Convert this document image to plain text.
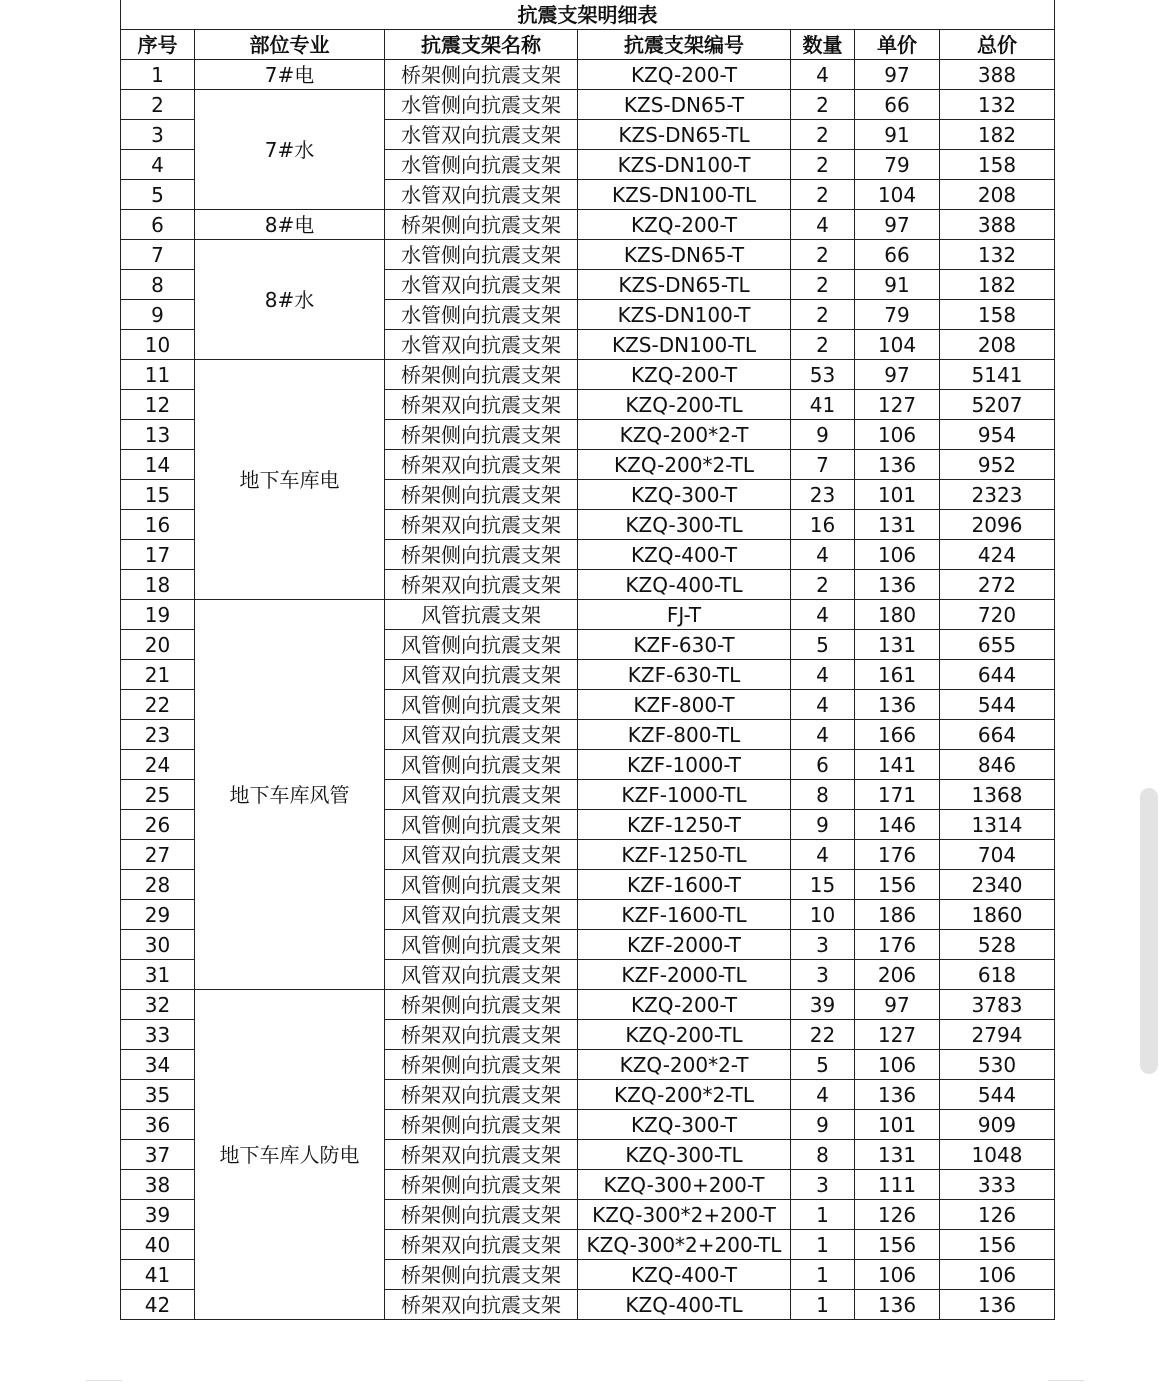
抗震支架明细表						
序号	部位专业	抗震支架名称	抗震支架编号	数量	单价	总价
1	7#电	桥架侧向抗震支架	KZQ-200-T	4	97	388
2	7#水	水管侧向抗震支架	KZS-DN65-T	2	66	132
3		水管双向抗震支架	KZS-DN65-TL	2	91	182
4		水管侧向抗震支架	KZS-DN100-T	2	79	158
5		水管双向抗震支架	KZS-DN100-TL	2	104	208
6	8#电	桥架侧向抗震支架	KZQ-200-T	4	97	388
7	8#水	水管侧向抗震支架	KZS-DN65-T	2	66	132
8		水管双向抗震支架	KZS-DN65-TL	2	91	182
9		水管侧向抗震支架	KZS-DN100-T	2	79	158
10		水管双向抗震支架	KZS-DN100-TL	2	104	208
11	地下车库电	桥架侧向抗震支架	KZQ-200-T	53	97	5141
12		桥架双向抗震支架	KZQ-200-TL	41	127	5207
13		桥架侧向抗震支架	KZQ-200*2-T	9	106	954
14		桥架双向抗震支架	KZQ-200*2-TL	7	136	952
15		桥架侧向抗震支架	KZQ-300-T	23	101	2323
16		桥架双向抗震支架	KZQ-300-TL	16	131	2096
17		桥架侧向抗震支架	KZQ-400-T	4	106	424
18		桥架双向抗震支架	KZQ-400-TL	2	136	272
19	地下车库风管	风管抗震支架	FJ-T	4	180	720
20		风管侧向抗震支架	KZF-630-T	5	131	655
21		风管双向抗震支架	KZF-630-TL	4	161	644
22		风管侧向抗震支架	KZF-800-T	4	136	544
23		风管双向抗震支架	KZF-800-TL	4	166	664
24		风管侧向抗震支架	KZF-1000-T	6	141	846
25		风管双向抗震支架	KZF-1000-TL	8	171	1368
26		风管侧向抗震支架	KZF-1250-T	9	146	1314
27		风管双向抗震支架	KZF-1250-TL	4	176	704
28		风管侧向抗震支架	KZF-1600-T	15	156	2340
29		风管双向抗震支架	KZF-1600-TL	10	186	1860
30		风管侧向抗震支架	KZF-2000-T	3	176	528
31		风管双向抗震支架	KZF-2000-TL	3	206	618
32	地下车库人防电	桥架侧向抗震支架	KZQ-200-T	39	97	3783
33		桥架双向抗震支架	KZQ-200-TL	22	127	2794
34		桥架侧向抗震支架	KZQ-200*2-T	5	106	530
35		桥架双向抗震支架	KZQ-200*2-TL	4	136	544
36		桥架侧向抗震支架	KZQ-300-T	9	101	909
37		桥架双向抗震支架	KZQ-300-TL	8	131	1048
38		桥架侧向抗震支架	KZQ-300+200-T	3	111	333
39		桥架侧向抗震支架	KZQ-300*2+200-T	1	126	126
40		桥架双向抗震支架	KZQ-300*2+200-TL	1	156	156
41		桥架侧向抗震支架	KZQ-400-T	1	106	106
42		桥架双向抗震支架	KZQ-400-TL	1	136	136
